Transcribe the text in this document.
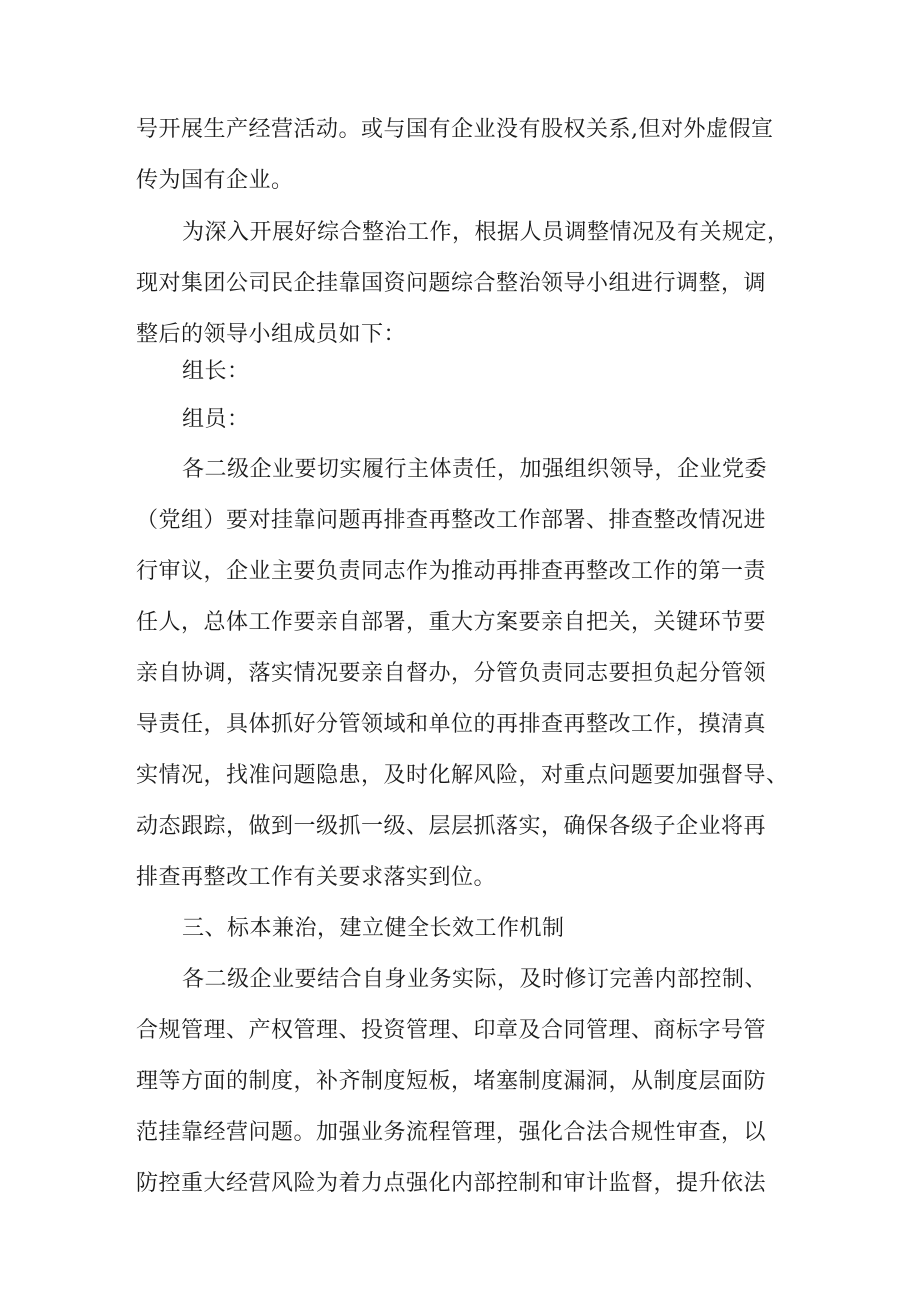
号开展生产经营活动。或与国有企业没有股权关系,但对外虚假宣
传为国有企业。
为深入开展好综合整治工作，根据人员调整情况及有关规定，
现对集团公司民企挂靠国资问题综合整治领导小组进行调整，调
整后的领导小组成员如下：
组长：
组员：
各二级企业要切实履行主体责任，加强组织领导，企业党委
（党组）要对挂靠问题再排查再整改工作部署、排查整改情况进
行审议，企业主要负责同志作为推动再排查再整改工作的第一责
任人，总体工作要亲自部署，重大方案要亲自把关，关键环节要
亲自协调，落实情况要亲自督办，分管负责同志要担负起分管领
导责任，具体抓好分管领域和单位的再排查再整改工作，摸清真
实情况，找准问题隐患，及时化解风险，对重点问题要加强督导、
动态跟踪，做到一级抓一级、层层抓落实，确保各级子企业将再
排查再整改工作有关要求落实到位。
三、标本兼治，建立健全长效工作机制
各二级企业要结合自身业务实际，及时修订完善内部控制、
合规管理、产权管理、投资管理、印章及合同管理、商标字号管
理等方面的制度，补齐制度短板，堵塞制度漏洞，从制度层面防
范挂靠经营问题。加强业务流程管理，强化合法合规性审查，以
防控重大经营风险为着力点强化内部控制和审计监督，提升依法
